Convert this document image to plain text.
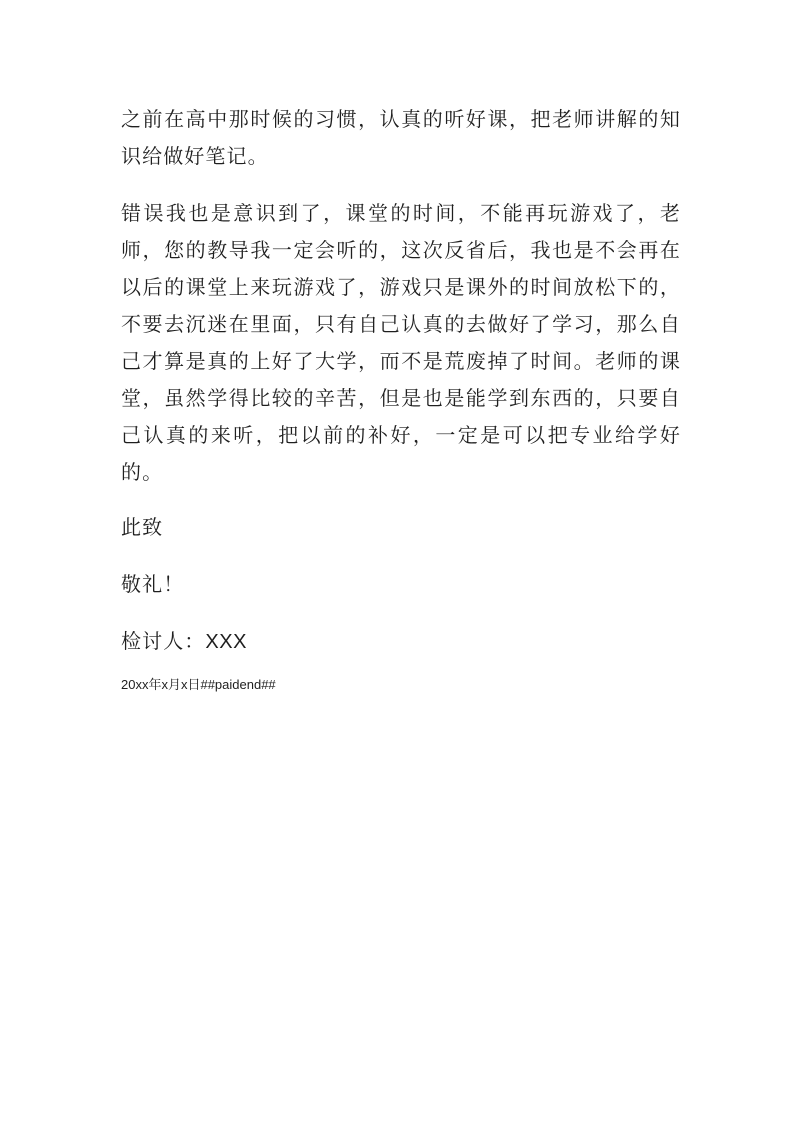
之前在高中那时候的习惯，认真的听好课，把老师讲解的知识给做好笔记。

错误我也是意识到了，课堂的时间，不能再玩游戏了，老师，您的教导我一定会听的，这次反省后，我也是不会再在以后的课堂上来玩游戏了，游戏只是课外的时间放松下的，不要去沉迷在里面，只有自己认真的去做好了学习，那么自己才算是真的上好了大学，而不是荒废掉了时间。老师的课堂，虽然学得比较的辛苦，但是也是能学到东西的，只要自己认真的来听，把以前的补好，一定是可以把专业给学好的。

此致

敬礼！

检讨人：XXX

20xx年x月x日##paidend##
